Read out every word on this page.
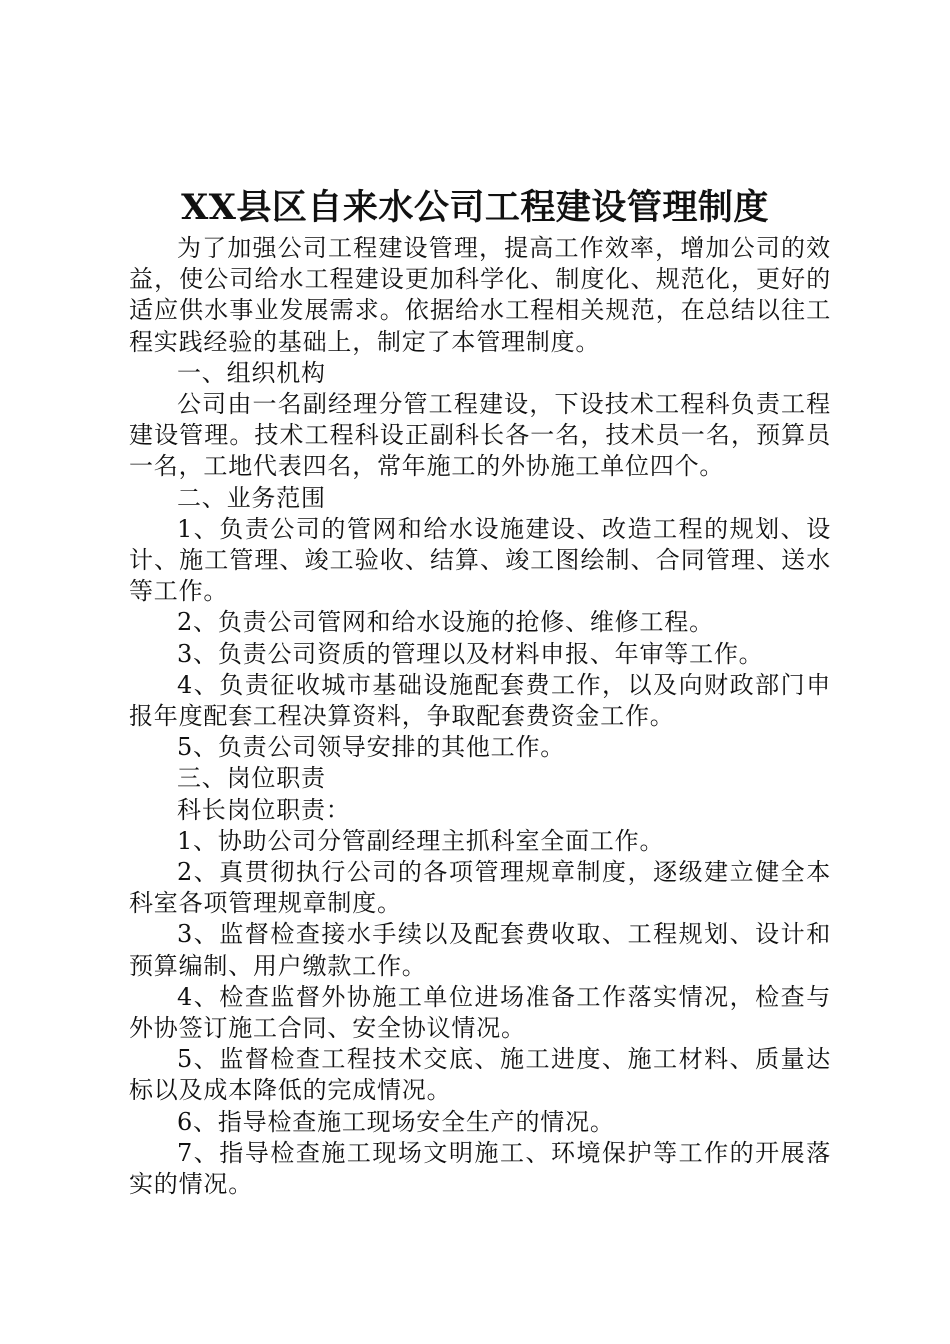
XX县区自来水公司工程建设管理制度

为了加强公司工程建设管理，提高工作效率，增加公司的效益，使公司给水工程建设更加科学化、制度化、规范化，更好的适应供水事业发展需求。依据给水工程相关规范，在总结以往工程实践经验的基础上，制定了本管理制度。

一、组织机构

公司由一名副经理分管工程建设，下设技术工程科负责工程建设管理。技术工程科设正副科长各一名，技术员一名，预算员一名，工地代表四名，常年施工的外协施工单位四个。

二、业务范围

1、负责公司的管网和给水设施建设、改造工程的规划、设计、施工管理、竣工验收、结算、竣工图绘制、合同管理、送水等工作。

2、负责公司管网和给水设施的抢修、维修工程。

3、负责公司资质的管理以及材料申报、年审等工作。

4、负责征收城市基础设施配套费工作，以及向财政部门申报年度配套工程决算资料，争取配套费资金工作。

5、负责公司领导安排的其他工作。

三、岗位职责

科长岗位职责：

1、协助公司分管副经理主抓科室全面工作。

2、真贯彻执行公司的各项管理规章制度，逐级建立健全本科室各项管理规章制度。

3、监督检查接水手续以及配套费收取、工程规划、设计和预算编制、用户缴款工作。

4、检查监督外协施工单位进场准备工作落实情况，检查与外协签订施工合同、安全协议情况。

5、监督检查工程技术交底、施工进度、施工材料、质量达标以及成本降低的完成情况。

6、指导检查施工现场安全生产的情况。

7、指导检查施工现场文明施工、环境保护等工作的开展落实的情况。
